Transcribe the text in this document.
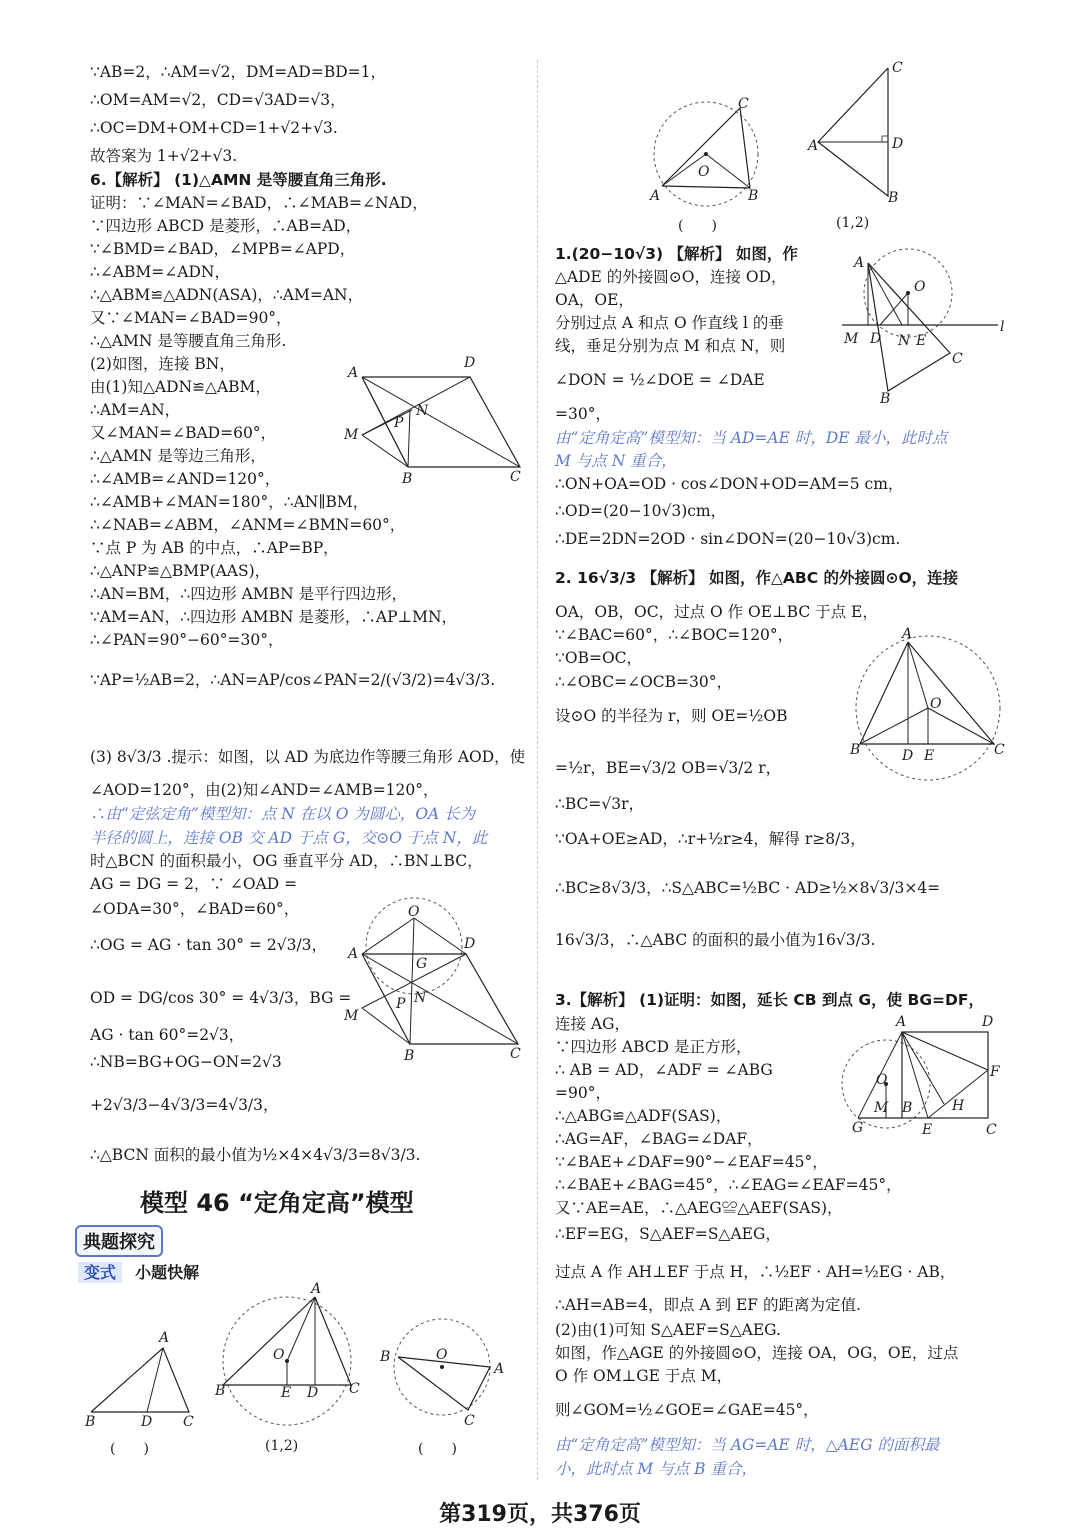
∵AB=2，∴AM=√2，DM=AD=BD=1，
∴OM=AM=√2，CD=√3AD=√3，
∴OC=DM+OM+CD=1+√2+√3.
故答案为 1+√2+√3.
6.【解析】 (1)△AMN 是等腰直角三角形.
证明：∵∠MAN=∠BAD，∴∠MAB=∠NAD，
∵四边形 ABCD 是菱形，∴AB=AD，
∵∠BMD=∠BAD，∠MPB=∠APD，
∴∠ABM=∠ADN，
∴△ABM≌△ADN(ASA)，∴AM=AN，
又∵∠MAN=∠BAD=90°，
∴△AMN 是等腰直角三角形.
(2)如图，连接 BN，
由(1)知△ADN≌△ABM，
∴AM=AN，
又∠MAN=∠BAD=60°，
∴△AMN 是等边三角形，
∴∠AMB=∠AND=120°，
∴∠AMB+∠MAN=180°，∴AN∥BM，
∴∠NAB=∠ABM，∠ANM=∠BMN=60°，
∵点 P 为 AB 的中点，∴AP=BP，
∴△ANP≌△BMP(AAS)，
∴AN=BM，∴四边形 AMBN 是平行四边形，
∵AM=AN，∴四边形 AMBN 是菱形，∴AP⊥MN，
∴∠PAN=90°−60°=30°，
∵AP=½AB=2，∴AN=AP/cos∠PAN=2/(√3/2)=4√3/3.
(3) 8√3/3 .提示：如图，以 AD 为底边作等腰三角形 AOD，使
∠AOD=120°，由(2)知∠AND=∠AMB=120°，
∴由“定弦定角”模型知：点 N 在以 O 为圆心，OA 长为
半径的圆上，连接 OB 交 AD 于点 G，交⊙O 于点 N，此
时△BCN 的面积最小，OG 垂直平分 AD，∴BN⊥BC，
AG = DG = 2，∵ ∠OAD =
∠ODA=30°，∠BAD=60°，
∴OG = AG · tan 30° = 2√3/3，
OD = DG/cos 30° = 4√3/3，BG =
AG · tan 60°=2√3，
∴NB=BG+OG−ON=2√3
+2√3/3−4√3/3=4√3/3，
∴△BCN 面积的最小值为½×4×4√3/3=8√3/3.
1.(20−10√3) 【解析】 如图，作
△ADE 的外接圆⊙O，连接 OD，
OA，OE，
分别过点 A 和点 O 作直线 l 的垂
线，垂足分别为点 M 和点 N，则
∠DON = ½∠DOE = ∠DAE
=30°，
由“定角定高”模型知：当 AD=AE 时，DE 最小，此时点
M 与点 N 重合，
∴ON+OA=OD · cos∠DON+OD=AM=5 cm，
∴OD=(20−10√3)cm，
∴DE=2DN=2OD · sin∠DON=(20−10√3)cm.
2. 16√3/3 【解析】 如图，作△ABC 的外接圆⊙O，连接
OA，OB，OC，过点 O 作 OE⊥BC 于点 E，
∵∠BAC=60°，∴∠BOC=120°，
∵OB=OC，
∴∠OBC=∠OCB=30°，
设⊙O 的半径为 r，则 OE=½OB
=½r，BE=√3/2 OB=√3/2 r，
∴BC=√3r，
∵OA+OE≥AD，∴r+½r≥4，解得 r≥8/3，
∴BC≥8√3/3，∴S△ABC=½BC · AD≥½×8√3/3×4=
16√3/3，∴△ABC 的面积的最小值为16√3/3.
3.【解析】 (1)证明：如图，延长 CB 到点 G，使 BG=DF，
连接 AG，
∵四边形 ABCD 是正方形，
∴ AB = AD，∠ADF = ∠ABG
=90°，
∴△ABG≌△ADF(SAS)，
∴AG=AF，∠BAG=∠DAF，
∵∠BAE+∠DAF=90°−∠EAF=45°，
∴∠BAE+∠BAG=45°，∴∠EAG=∠EAF=45°，
又∵AE=AE，∴△AEG≌△AEF(SAS)，
∴EF=EG，S△AEF=S△AEG，
过点 A 作 AH⊥EF 于点 H，∴½EF · AH=½EG · AB，
∴AH=AB=4，即点 A 到 EF 的距离为定值.
(2)由(1)可知 S△AEF=S△AEG.
如图，作△AGE 的外接圆⊙O，连接 OA，OG，OE，过点
O 作 OM⊥GE 于点 M，
则∠GOM=½∠GOE=∠GAE=45°，
由“定角定高”模型知：当 AG=AE 时，△AEG 的面积最
小，此时点 M 与点 B 重合，
A
D
M
P
N
B	C
O
A
D
G
P N
M
B	C
A
B	D C
A
O
B	E D C
B	O
A
C
(　　)	(1,2)	(　　)
C
O
A	B
C
A	D
B
(　　)	(1,2)
A
O
l
M D N E
C
B
A
O
B	D E	C
A	D
F
O
M B	H
G	E	C
模型 46 “定角定高”模型
典题探究
变式 小题快解
第319页，共376页
